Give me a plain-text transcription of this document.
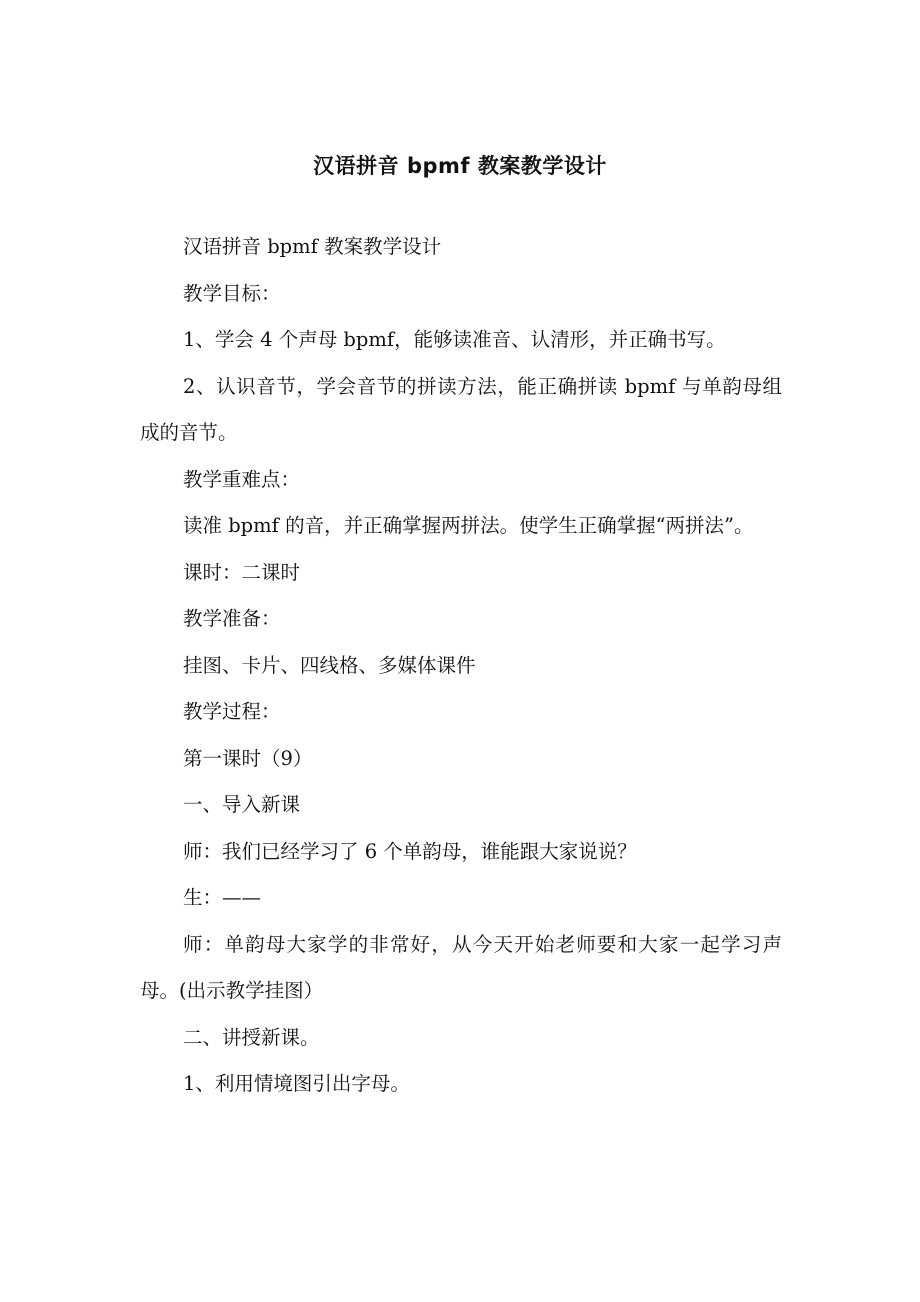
汉语拼音 bpmf 教案教学设计

汉语拼音 bpmf 教案教学设计

教学目标：

1、学会 4 个声母 bpmf，能够读准音、认清形，并正确书写。

2、认识音节，学会音节的拼读方法，能正确拼读 bpmf 与单韵母组成的音节。

教学重难点：

读准 bpmf 的音，并正确掌握两拼法。使学生正确掌握“两拼法”。

课时：二课时

教学准备：

挂图、卡片、四线格、多媒体课件

教学过程：

第一课时（9）

一、导入新课

师：我们已经学习了 6 个单韵母，谁能跟大家说说？

生：——

师：单韵母大家学的非常好，从今天开始老师要和大家一起学习声母。(出示教学挂图）

二、讲授新课。

1、利用情境图引出字母。
